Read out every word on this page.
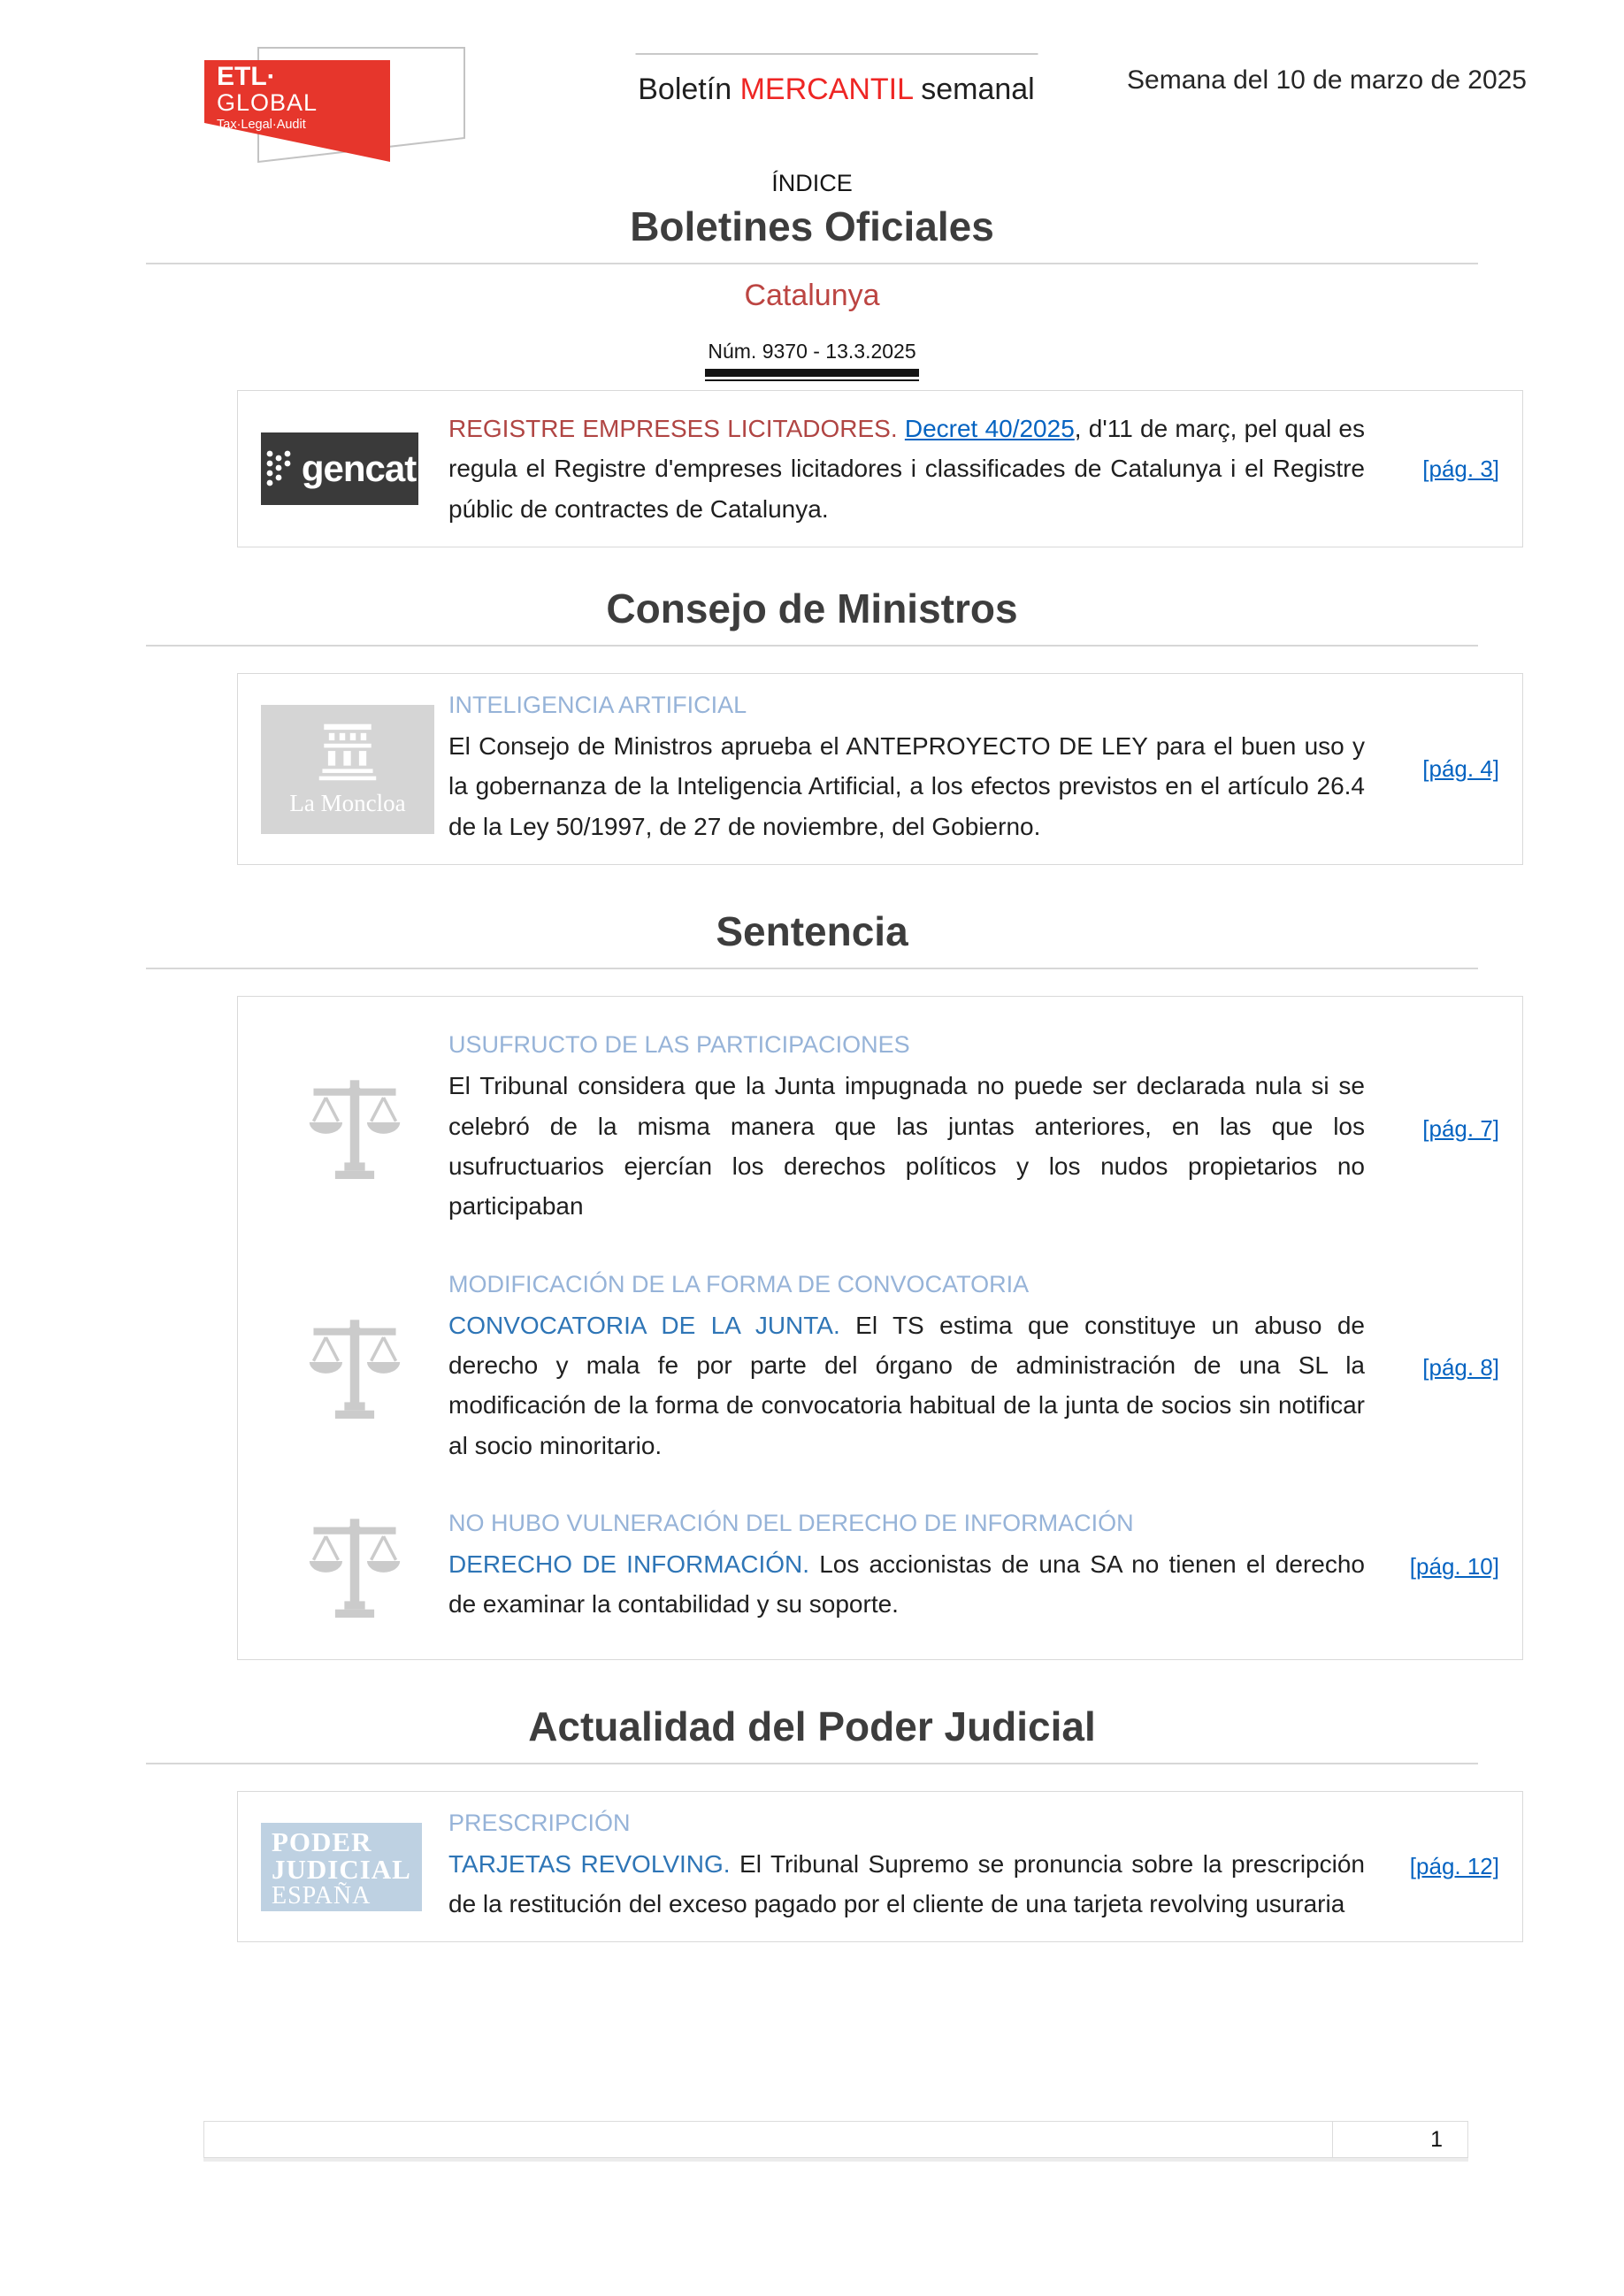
ETL·
GLOBAL
Tax·Legal·Audit
Boletín MERCANTIL semanal	Semana del 10 de marzo de 2025

ÍNDICE

Boletines Oficiales

Catalunya

Núm. 9370 - 13.3.2025

gencat

REGISTRE EMPRESES LICITADORES. Decret 40/2025, d'11 de març, pel qual es regula el Registre d'empreses licitadores i classificades de Catalunya i el Registre públic de contractes de Catalunya.

[pág. 3]
Consejo de Ministros
La Moncloa

INTELIGENCIA ARTIFICIAL

El Consejo de Ministros aprueba el ANTEPROYECTO DE LEY para el buen uso y la gobernanza de la Inteligencia Artificial, a los efectos previstos en el artículo 26.4 de la Ley 50/1997, de 27 de noviembre, del Gobierno.

[pág. 4]
Sentencia

USUFRUCTO DE LAS PARTICIPACIONES

El Tribunal considera que la Junta impugnada no puede ser declarada nula si se celebró de la misma manera que las juntas anteriores, en las que los usufructuarios ejercían los derechos políticos y los nudos propietarios no participaban

[pág. 7]

MODIFICACIÓN DE LA FORMA DE CONVOCATORIA

CONVOCATORIA DE LA JUNTA. El TS estima que constituye un abuso de derecho y mala fe por parte del órgano de administración de una SL la modificación de la forma de convocatoria habitual de la junta de socios sin notificar al socio minoritario.

[pág. 8]

NO HUBO VULNERACIÓN DEL DERECHO DE INFORMACIÓN

DERECHO DE INFORMACIÓN. Los accionistas de una SA no tienen el derecho de examinar la contabilidad y su soporte.

[pág. 10]
Actualidad del Poder Judicial
PODER
JUDICIAL
ESPAÑA

PRESCRIPCIÓN

TARJETAS REVOLVING. El Tribunal Supremo se pronuncia sobre la prescripción de la restitución del exceso pagado por el cliente de una tarjeta revolving usuraria

[pág. 12]
1
